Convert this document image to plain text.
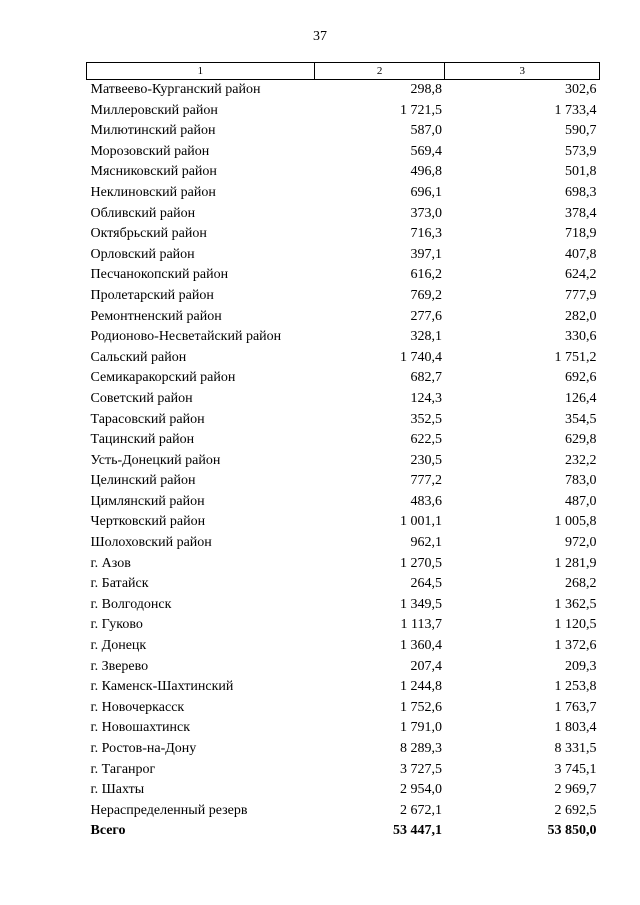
37
1	2	3
Матвеево-Курганский район	298,8	302,6
Миллеровский район	1 721,5	1 733,4
Милютинский район	587,0	590,7
Морозовский район	569,4	573,9
Мясниковский район	496,8	501,8
Неклиновский район	696,1	698,3
Обливский район	373,0	378,4
Октябрьский район	716,3	718,9
Орловский район	397,1	407,8
Песчанокопский район	616,2	624,2
Пролетарский район	769,2	777,9
Ремонтненский район	277,6	282,0
Родионово-Несветайский район	328,1	330,6
Сальский район	1 740,4	1 751,2
Семикаракорский район	682,7	692,6
Советский район	124,3	126,4
Тарасовский район	352,5	354,5
Тацинский район	622,5	629,8
Усть-Донецкий район	230,5	232,2
Целинский район	777,2	783,0
Цимлянский район	483,6	487,0
Чертковский район	1 001,1	1 005,8
Шолоховский район	962,1	972,0
г. Азов	1 270,5	1 281,9
г. Батайск	264,5	268,2
г. Волгодонск	1 349,5	1 362,5
г. Гуково	1 113,7	1 120,5
г. Донецк	1 360,4	1 372,6
г. Зверево	207,4	209,3
г. Каменск-Шахтинский	1 244,8	1 253,8
г. Новочеркасск	1 752,6	1 763,7
г. Новошахтинск	1 791,0	1 803,4
г. Ростов-на-Дону	8 289,3	8 331,5
г. Таганрог	3 727,5	3 745,1
г. Шахты	2 954,0	2 969,7
Нераспределенный резерв	2 672,1	2 692,5
Всего	53 447,1	53 850,0
